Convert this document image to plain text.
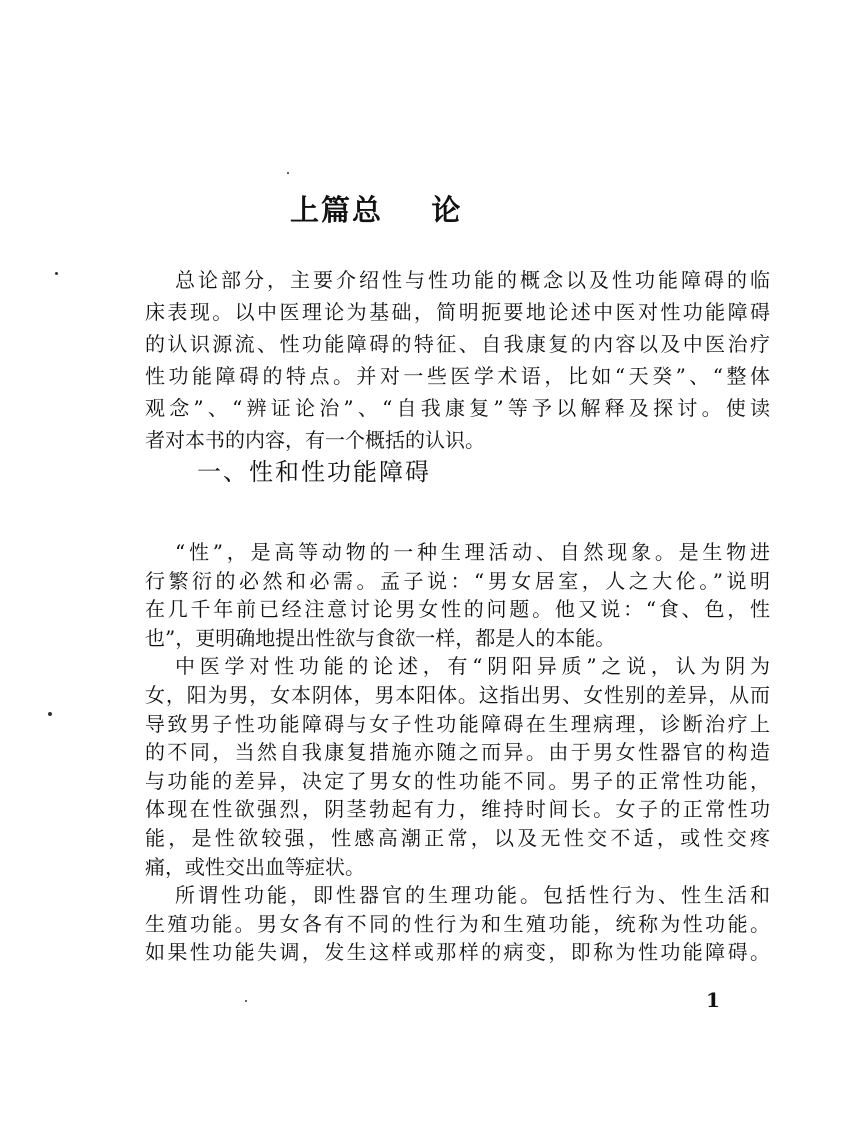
上篇总    论
总论部分，主要介绍性与性功能的概念以及性功能障碍的临
床表现。以中医理论为基础，简明扼要地论述中医对性功能障碍
的认识源流、性功能障碍的特征、自我康复的内容以及中医治疗
性功能障碍的特点。并对一些医学术语，比如“天癸”、“整体
观念”、“辨证论治”、“自我康复”等予以解释及探讨。使读
者对本书的内容，有一个概括的认识。
一、性和性功能障碍
“性”，是高等动物的一种生理活动、自然现象。是生物进
行繁衍的必然和必需。孟子说：“男女居室，人之大伦。”说明
在几千年前已经注意讨论男女性的问题。他又说：“食、色，性
也”，更明确地提出性欲与食欲一样，都是人的本能。
中医学对性功能的论述，有“阴阳异质”之说，认为阴为
女，阳为男，女本阴体，男本阳体。这指出男、女性别的差异，从而
导致男子性功能障碍与女子性功能障碍在生理病理，诊断治疗上
的不同，当然自我康复措施亦随之而异。由于男女性器官的构造
与功能的差异，决定了男女的性功能不同。男子的正常性功能，
体现在性欲强烈，阴茎勃起有力，维持时间长。女子的正常性功
能，是性欲较强，性感高潮正常，以及无性交不适，或性交疼
痛，或性交出血等症状。
所谓性功能，即性器官的生理功能。包括性行为、性生活和
生殖功能。男女各有不同的性行为和生殖功能，统称为性功能。
如果性功能失调，发生这样或那样的病变，即称为性功能障碍。
1
